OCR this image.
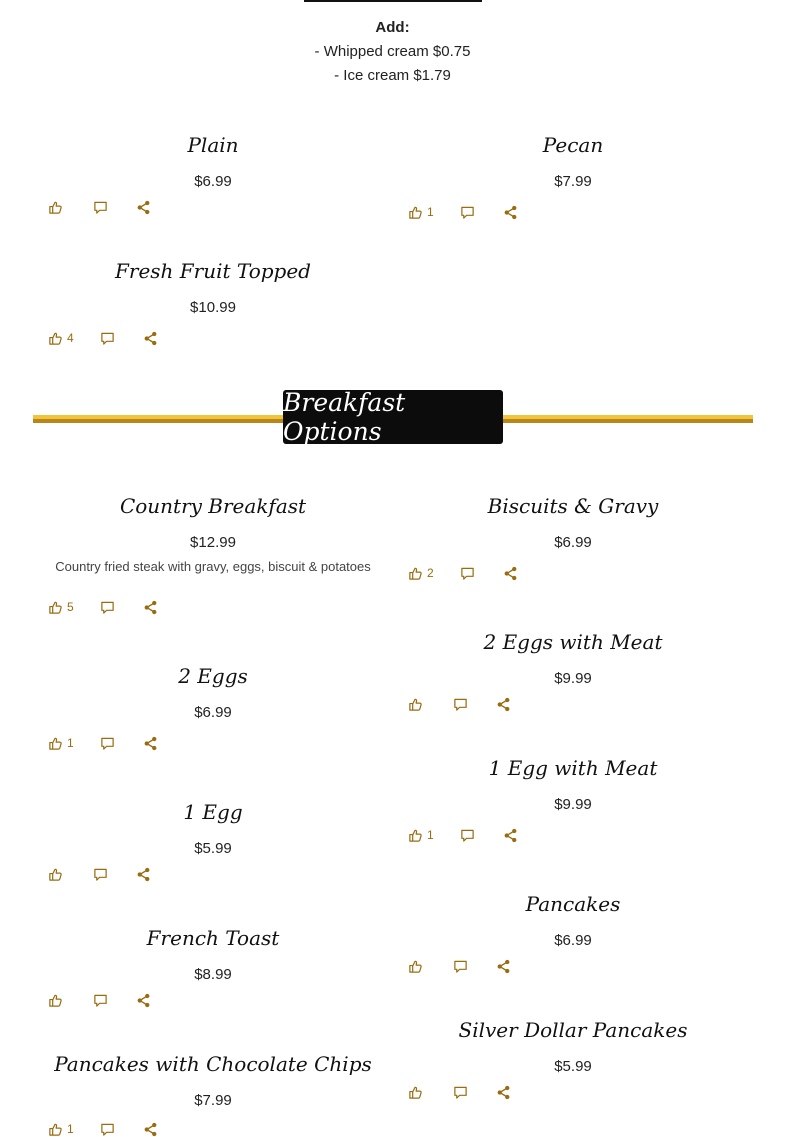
Add:
- Whipped cream $0.75
- Ice cream $1.79
Plain
$6.99
Pecan
$7.99
1
Fresh Fruit Topped
$10.99
4
Breakfast Options
Country Breakfast
$12.99
Country fried steak with gravy, eggs, biscuit & potatoes
5
2 Eggs
$6.99
1
1 Egg
$5.99
French Toast
$8.99
Pancakes with Chocolate Chips
$7.99
1
Biscuits & Gravy
$6.99
2
2 Eggs with Meat
$9.99
1 Egg with Meat
$9.99
1
Pancakes
$6.99
Silver Dollar Pancakes
$5.99
